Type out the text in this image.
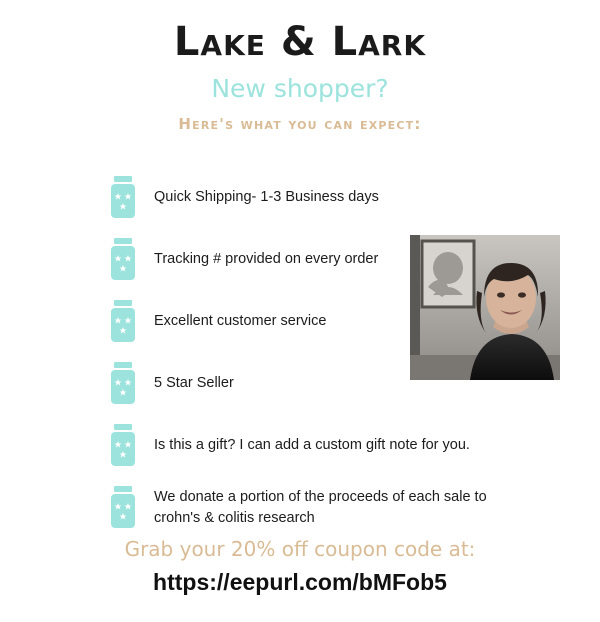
Lake & Lark
New shopper?
Here's what you can expect:
Quick Shipping- 1-3 Business days
Tracking # provided on every order
Excellent customer service
5 Star Seller
Is this a gift? I can add a custom gift note for you.
We donate a portion of the proceeds of each sale to crohn's & colitis research

Grab your 20% off coupon code at:

https://eepurl.com/bMFob5
